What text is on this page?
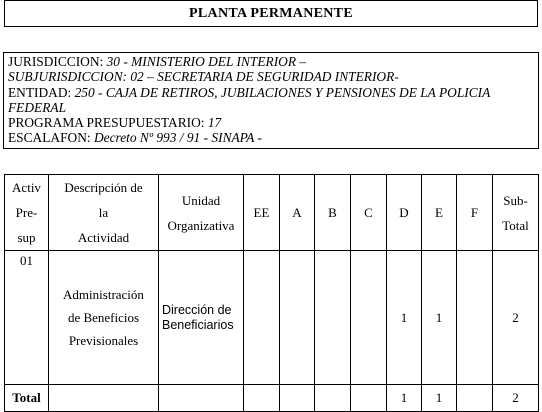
PLANTA PERMANENTE
JURISDICCION: 30 - MINISTERIO DEL INTERIOR –
SUBJURISDICCION: 02 – SECRETARIA DE SEGURIDAD INTERIOR-
ENTIDAD: 250 - CAJA DE RETIROS, JUBILACIONES Y PENSIONES DE LA POLICIA FEDERAL
PROGRAMA PRESUPUESTARIO: 17
ESCALAFON: Decreto Nº 993 / 91 - SINAPA -
Activ
Pre-
sup	Descripción de
la
Actividad	Unidad
Organizativa	EE	A	B	C	D	E	F	Sub-
Total

01	Administración
de Beneficios
Previsionales	Dirección de
Beneficiarios					1	1		2
Total							1	1		2
